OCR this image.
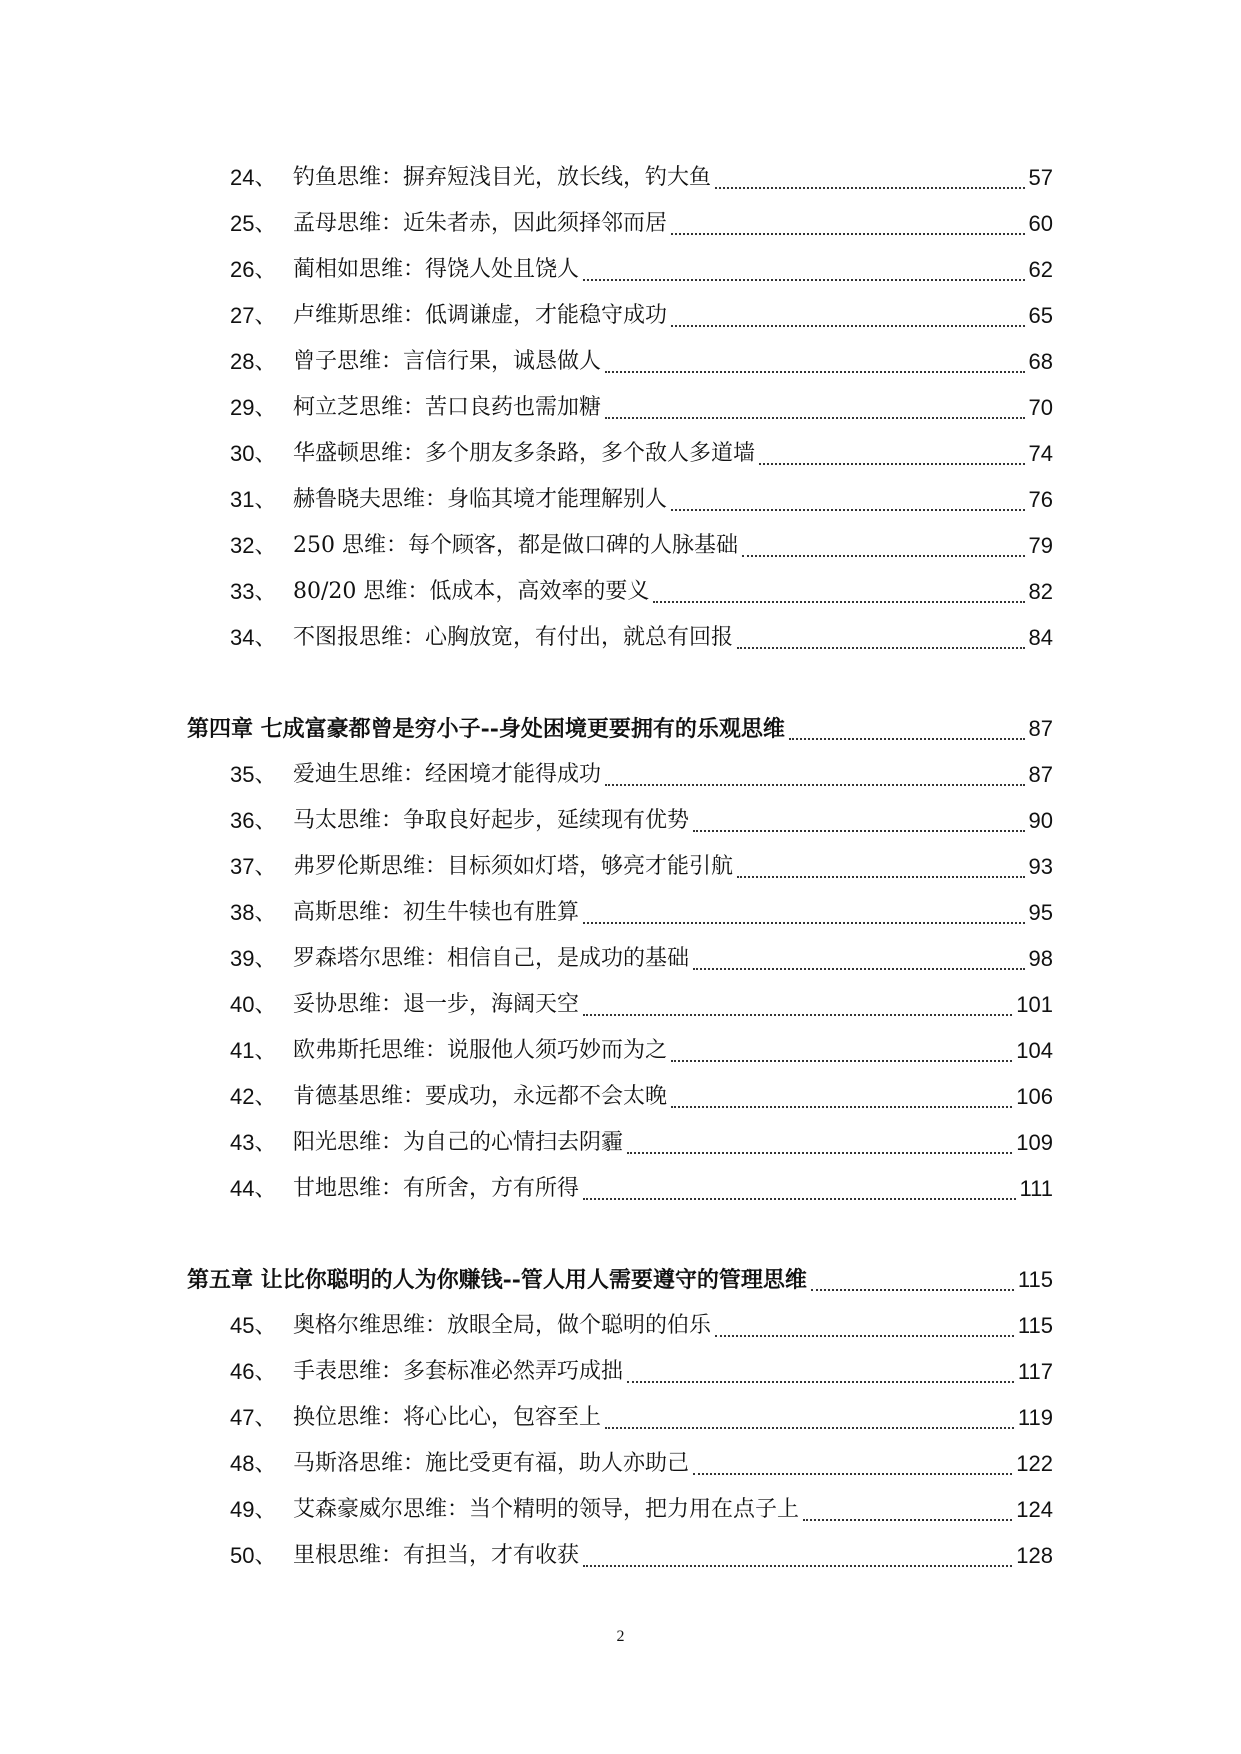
24、 钓鱼思维：摒弃短浅目光，放长线，钓大鱼	57
25、 孟母思维：近朱者赤，因此须择邻而居	60
26、 蔺相如思维：得饶人处且饶人	62
27、 卢维斯思维：低调谦虚，才能稳守成功	65
28、 曾子思维：言信行果，诚恳做人	68
29、 柯立芝思维：苦口良药也需加糖	70
30、 华盛顿思维：多个朋友多条路，多个敌人多道墙	74
31、 赫鲁晓夫思维：身临其境才能理解别人	76
32、 250 思维：每个顾客，都是做口碑的人脉基础	79
33、 80/20 思维：低成本，高效率的要义	82
34、 不图报思维：心胸放宽，有付出，就总有回报	84
第四章 七成富豪都曾是穷小子--身处困境更要拥有的乐观思维	87
35、 爱迪生思维：经困境才能得成功	87
36、 马太思维：争取良好起步，延续现有优势	90
37、 弗罗伦斯思维：目标须如灯塔，够亮才能引航	93
38、 高斯思维：初生牛犊也有胜算	95
39、 罗森塔尔思维：相信自己，是成功的基础	98
40、 妥协思维：退一步，海阔天空	101
41、 欧弗斯托思维：说服他人须巧妙而为之	104
42、 肯德基思维：要成功，永远都不会太晚	106
43、 阳光思维：为自己的心情扫去阴霾	109
44、 甘地思维：有所舍，方有所得	111
第五章 让比你聪明的人为你赚钱--管人用人需要遵守的管理思维	115
45、 奥格尔维思维：放眼全局，做个聪明的伯乐	115
46、 手表思维：多套标准必然弄巧成拙	117
47、 换位思维：将心比心，包容至上	119
48、 马斯洛思维：施比受更有福，助人亦助己	122
49、 艾森豪威尔思维：当个精明的领导，把力用在点子上	124
50、 里根思维：有担当，才有收获	128
2
